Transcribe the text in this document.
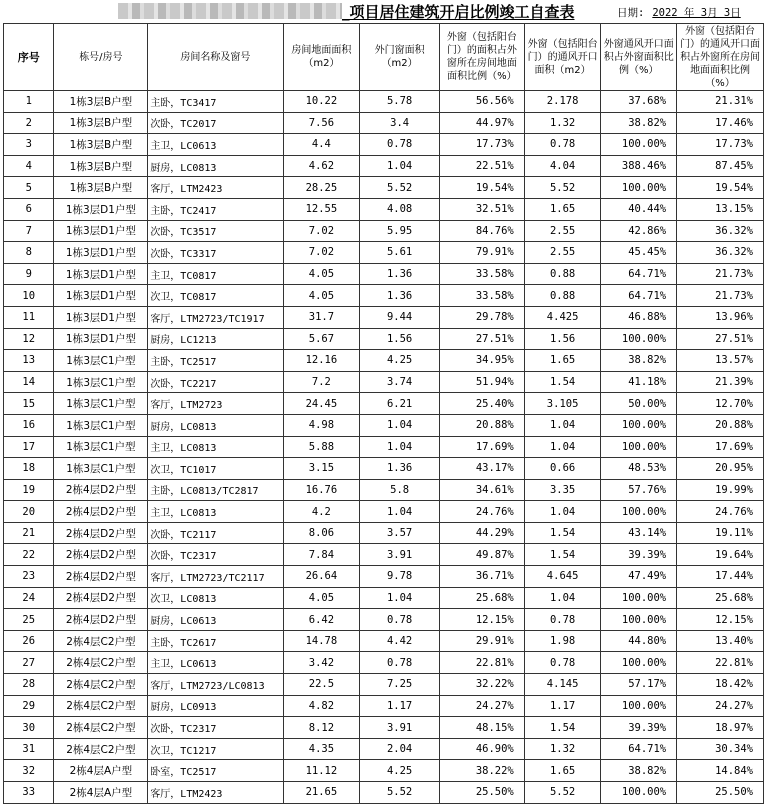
_项目居住建筑开启比例竣工自查表	日期: 2022 年 3月 3日
序号	栋号/房号	房间名称及窗号	房间地面面积（m2）	外门窗面积（m2）	外窗（包括阳台门）的面积占外窗所在房间地面面积比例（%）	外窗（包括阳台门）的通风开口面积（m2）	外窗通风开口面积占外窗面积比例（%）	外窗（包括阳台门）的通风开口面积占外窗所在房间地面面积比例（%）
1	1栋3层B户型	主卧，TC3417	10.22	5.78	56.56%	2.178	37.68%	21.31%
2	1栋3层B户型	次卧，TC2017	7.56	3.4	44.97%	1.32	38.82%	17.46%
3	1栋3层B户型	主卫，LC0613	4.4	0.78	17.73%	0.78	100.00%	17.73%
4	1栋3层B户型	厨房，LC0813	4.62	1.04	22.51%	4.04	388.46%	87.45%
5	1栋3层B户型	客厅，LTM2423	28.25	5.52	19.54%	5.52	100.00%	19.54%
6	1栋3层D1户型	主卧，TC2417	12.55	4.08	32.51%	1.65	40.44%	13.15%
7	1栋3层D1户型	次卧，TC3517	7.02	5.95	84.76%	2.55	42.86%	36.32%
8	1栋3层D1户型	次卧，TC3317	7.02	5.61	79.91%	2.55	45.45%	36.32%
9	1栋3层D1户型	主卫，TC0817	4.05	1.36	33.58%	0.88	64.71%	21.73%
10	1栋3层D1户型	次卫，TC0817	4.05	1.36	33.58%	0.88	64.71%	21.73%
11	1栋3层D1户型	客厅，LTM2723/TC1917	31.7	9.44	29.78%	4.425	46.88%	13.96%
12	1栋3层D1户型	厨房，LC1213	5.67	1.56	27.51%	1.56	100.00%	27.51%
13	1栋3层C1户型	主卧，TC2517	12.16	4.25	34.95%	1.65	38.82%	13.57%
14	1栋3层C1户型	次卧，TC2217	7.2	3.74	51.94%	1.54	41.18%	21.39%
15	1栋3层C1户型	客厅，LTM2723	24.45	6.21	25.40%	3.105	50.00%	12.70%
16	1栋3层C1户型	厨房，LC0813	4.98	1.04	20.88%	1.04	100.00%	20.88%
17	1栋3层C1户型	主卫，LC0813	5.88	1.04	17.69%	1.04	100.00%	17.69%
18	1栋3层C1户型	次卫，TC1017	3.15	1.36	43.17%	0.66	48.53%	20.95%
19	2栋4层D2户型	主卧，LC0813/TC2817	16.76	5.8	34.61%	3.35	57.76%	19.99%
20	2栋4层D2户型	主卫，LC0813	4.2	1.04	24.76%	1.04	100.00%	24.76%
21	2栋4层D2户型	次卧，TC2117	8.06	3.57	44.29%	1.54	43.14%	19.11%
22	2栋4层D2户型	次卧，TC2317	7.84	3.91	49.87%	1.54	39.39%	19.64%
23	2栋4层D2户型	客厅，LTM2723/TC2117	26.64	9.78	36.71%	4.645	47.49%	17.44%
24	2栋4层D2户型	次卫，LC0813	4.05	1.04	25.68%	1.04	100.00%	25.68%
25	2栋4层D2户型	厨房，LC0613	6.42	0.78	12.15%	0.78	100.00%	12.15%
26	2栋4层C2户型	主卧，TC2617	14.78	4.42	29.91%	1.98	44.80%	13.40%
27	2栋4层C2户型	主卫，LC0613	3.42	0.78	22.81%	0.78	100.00%	22.81%
28	2栋4层C2户型	客厅，LTM2723/LC0813	22.5	7.25	32.22%	4.145	57.17%	18.42%
29	2栋4层C2户型	厨房，LC0913	4.82	1.17	24.27%	1.17	100.00%	24.27%
30	2栋4层C2户型	次卧，TC2317	8.12	3.91	48.15%	1.54	39.39%	18.97%
31	2栋4层C2户型	次卫，TC1217	4.35	2.04	46.90%	1.32	64.71%	30.34%
32	2栋4层A户型	卧室，TC2517	11.12	4.25	38.22%	1.65	38.82%	14.84%
33	2栋4层A户型	客厅，LTM2423	21.65	5.52	25.50%	5.52	100.00%	25.50%
